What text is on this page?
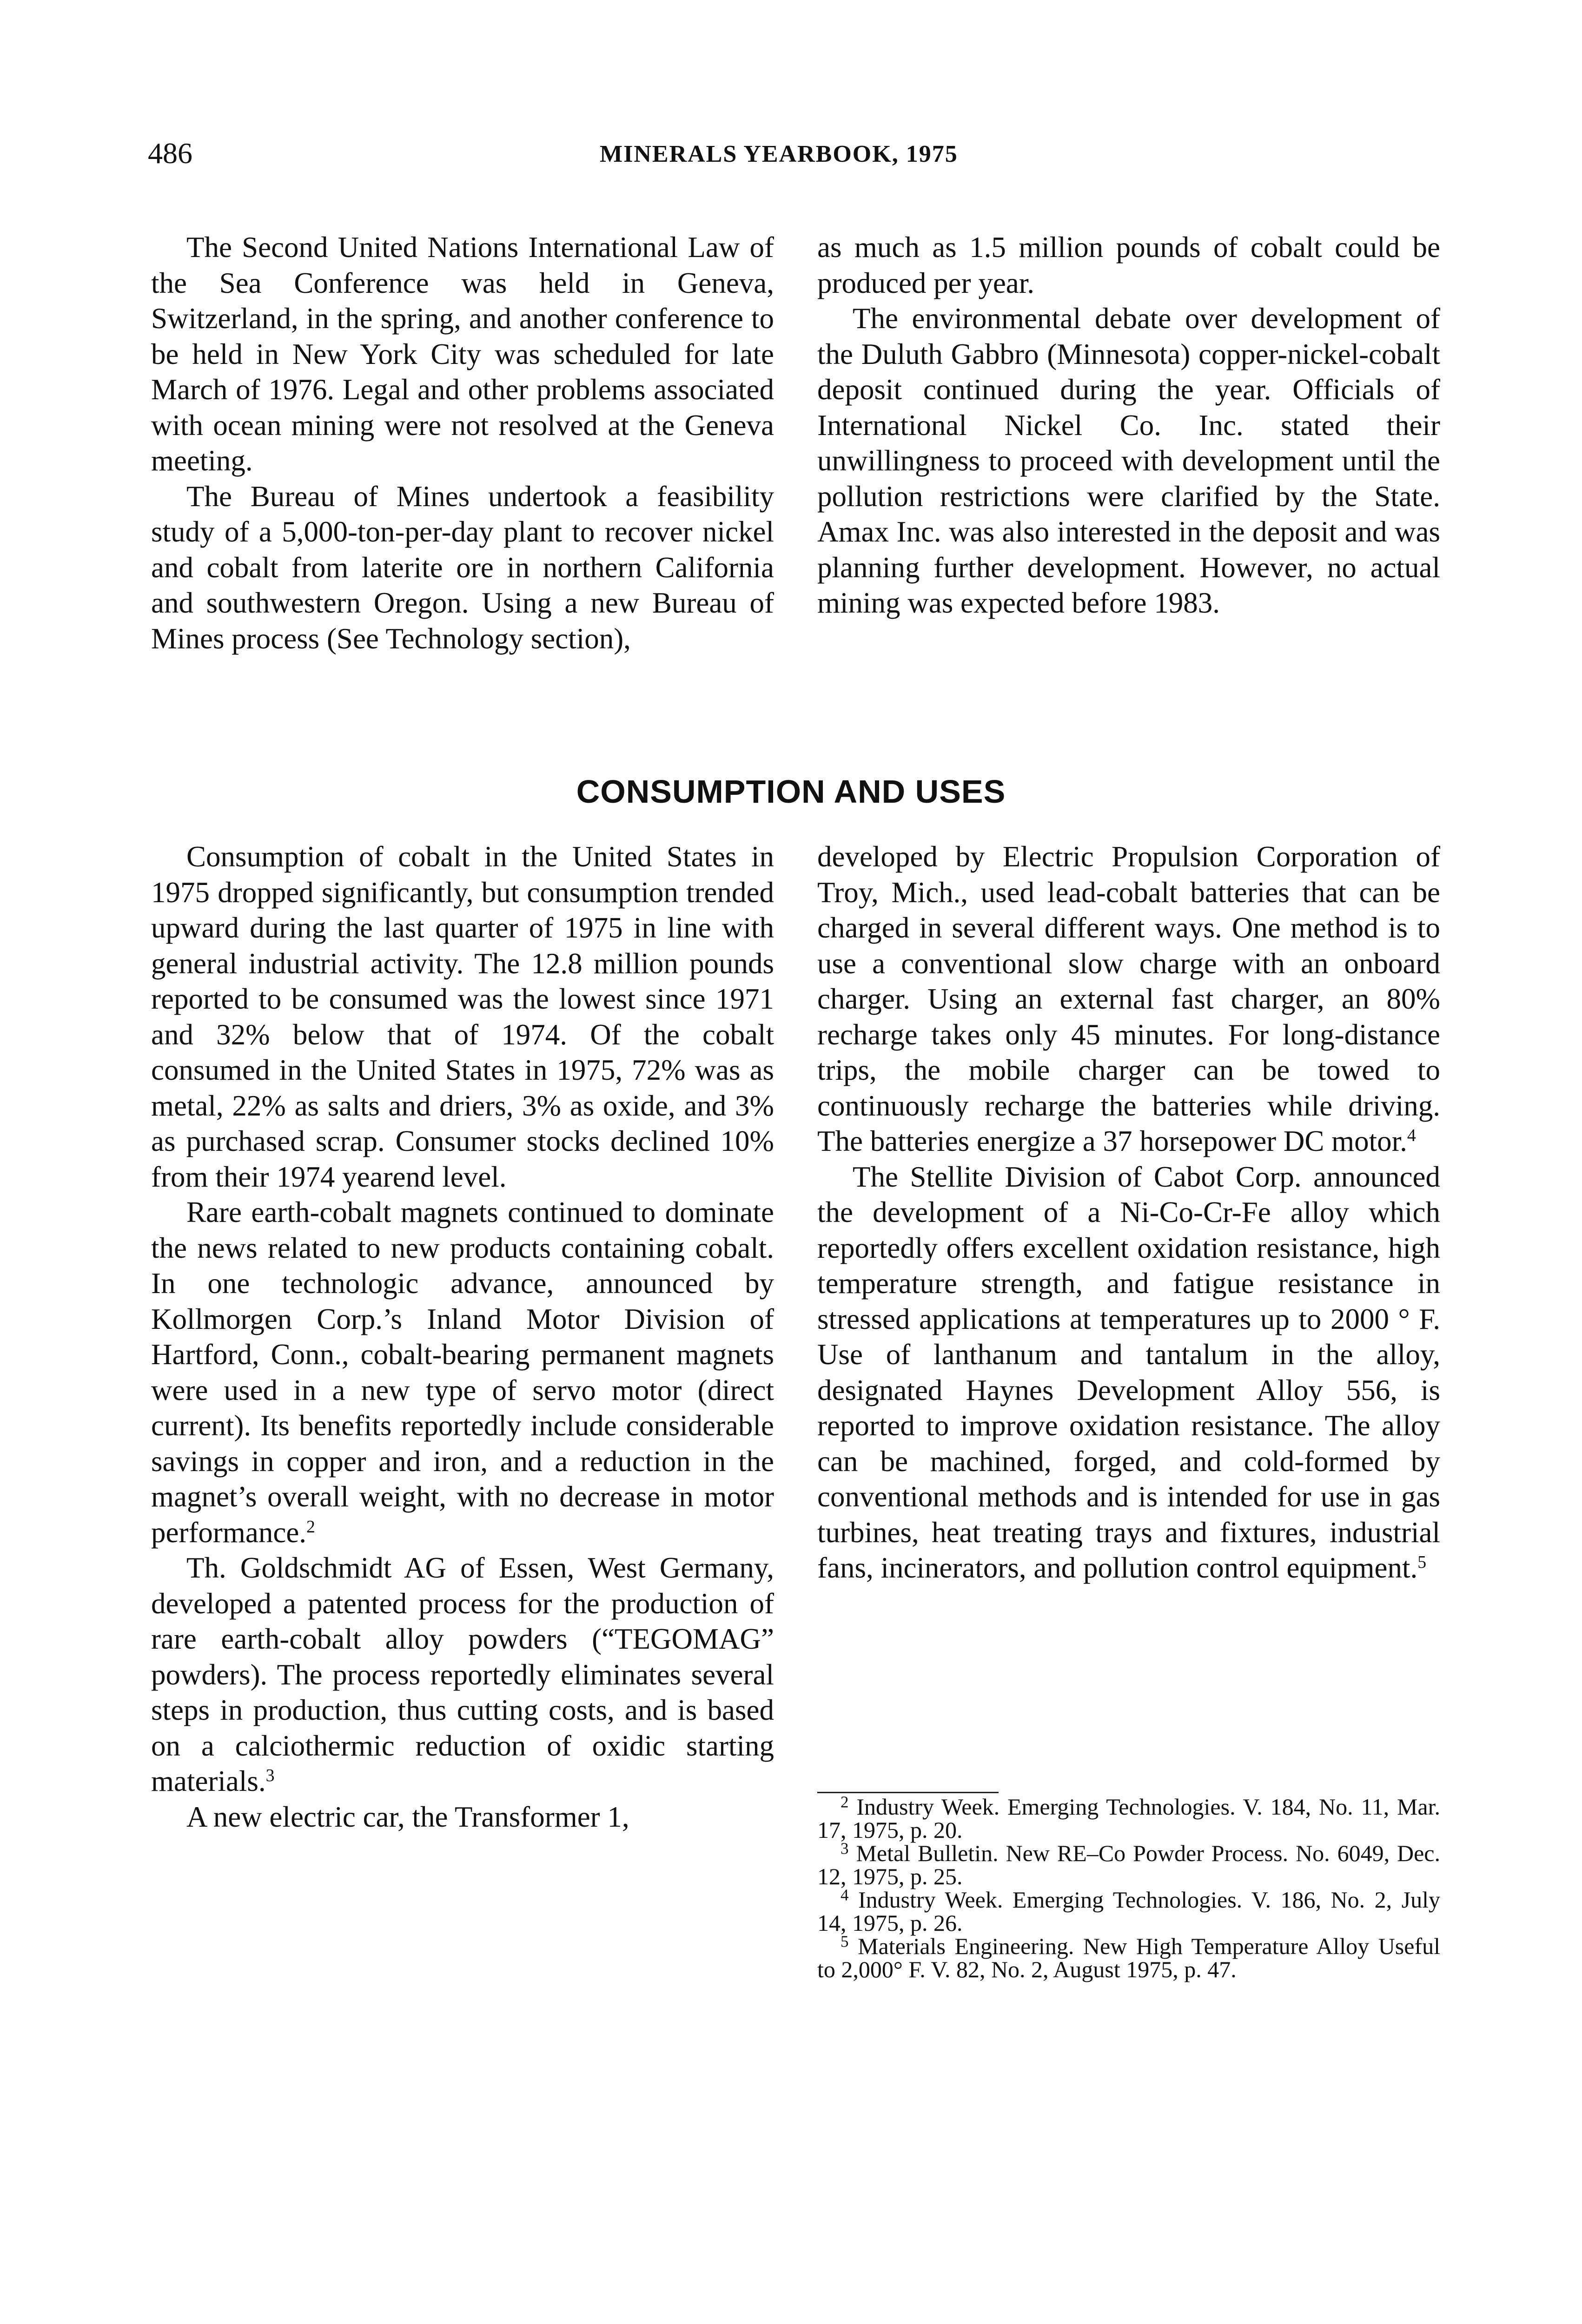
486	MINERALS YEARBOOK, 1975

The Second United Nations International Law of the Sea Conference was held in Geneva, Switzerland, in the spring, and another conference to be held in New York City was scheduled for late March of 1976. Legal and other problems associated with ocean mining were not resolved at the Geneva meeting.

The Bureau of Mines undertook a feasibility study of a 5,000-ton-per-day plant to recover nickel and cobalt from laterite ore in northern California and southwestern Oregon. Using a new Bureau of Mines process (See Technology section),

as much as 1.5 million pounds of cobalt could be produced per year.

The environmental debate over development of the Duluth Gabbro (Minnesota) copper-nickel-cobalt deposit continued during the year. Officials of International Nickel Co. Inc. stated their unwillingness to proceed with development until the pollution restrictions were clarified by the State. Amax Inc. was also interested in the deposit and was planning further development. However, no actual mining was expected before 1983.

CONSUMPTION AND USES

Consumption of cobalt in the United States in 1975 dropped significantly, but consumption trended upward during the last quarter of 1975 in line with general industrial activity. The 12.8 million pounds reported to be consumed was the lowest since 1971 and 32% below that of 1974. Of the cobalt consumed in the United States in 1975, 72% was as metal, 22% as salts and driers, 3% as oxide, and 3% as purchased scrap. Consumer stocks declined 10% from their 1974 yearend level.

Rare earth-cobalt magnets continued to dominate the news related to new products containing cobalt. In one technologic advance, announced by Kollmorgen Corp.’s Inland Motor Division of Hartford, Conn., cobalt-bearing permanent magnets were used in a new type of servo motor (direct current). Its benefits reportedly include considerable savings in copper and iron, and a reduction in the magnet’s overall weight, with no decrease in motor performance.$^2$

Th. Goldschmidt AG of Essen, West Germany, developed a patented process for the production of rare earth-cobalt alloy powders (“TEGOMAG” powders). The process reportedly eliminates several steps in production, thus cutting costs, and is based on a calciothermic reduction of oxidic starting materials.$^3$

A new electric car, the Transformer 1,

developed by Electric Propulsion Corporation of Troy, Mich., used lead-cobalt batteries that can be charged in several different ways. One method is to use a conventional slow charge with an onboard charger. Using an external fast charger, an 80% recharge takes only 45 minutes. For long-distance trips, the mobile charger can be towed to continuously recharge the batteries while driving. The batteries energize a 37 horsepower DC motor.$^4$

The Stellite Division of Cabot Corp. announced the development of a Ni-Co-Cr-Fe alloy which reportedly offers excellent oxidation resistance, high temperature strength, and fatigue resistance in stressed applications at temperatures up to 2000 ° F. Use of lanthanum and tantalum in the alloy, designated Haynes Development Alloy 556, is reported to improve oxidation resistance. The alloy can be machined, forged, and cold-formed by conventional methods and is intended for use in gas turbines, heat treating trays and fixtures, industrial fans, incinerators, and pollution control equipment.$^5$

$^2$ Industry Week. Emerging Technologies. V. 184, No. 11, Mar. 17, 1975, p. 20.

$^3$ Metal Bulletin. New RE–Co Powder Process. No. 6049, Dec. 12, 1975, p. 25.

$^4$ Industry Week. Emerging Technologies. V. 186, No. 2, July 14, 1975, p. 26.

$^5$ Materials Engineering. New High Temperature Alloy Useful to 2,000° F. V. 82, No. 2, August 1975, p. 47.
